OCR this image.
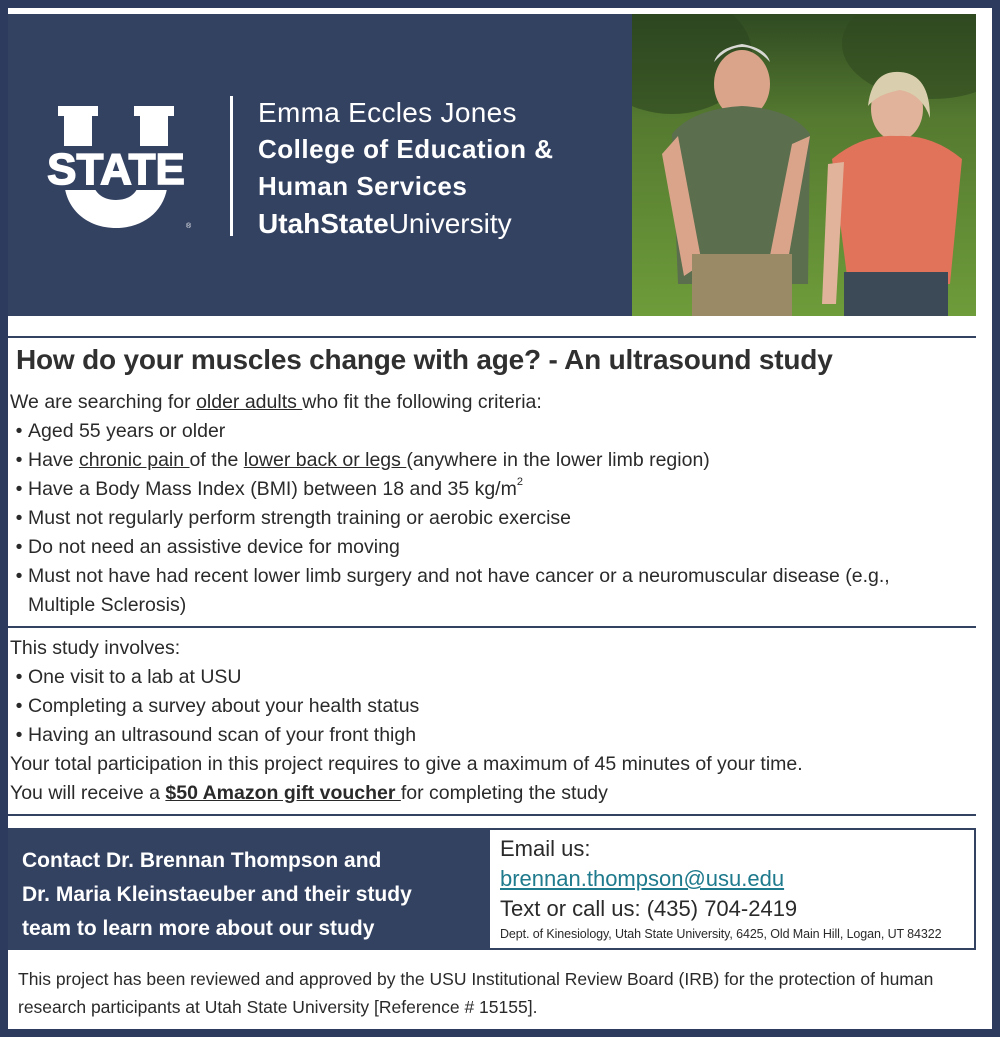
STATE
®
Emma Eccles Jones
College of Education &
Human Services
UtahStateUniversity
How do your muscles change with age? - An ultrasound study
We are searching for older adults who fit the following criteria:
• Aged 55 years or older
• Have chronic pain of the lower back or legs (anywhere in the lower limb region)
• Have a Body Mass Index (BMI) between 18 and 35 $kg/m^2$
• Must not regularly perform strength training or aerobic exercise
• Do not need an assistive device for moving
• Must not have had recent lower limb surgery and not have cancer or a neuromuscular disease (e.g.,
Multiple Sclerosis)
This study involves:
• One visit to a lab at USU
• Completing a survey about your health status
• Having an ultrasound scan of your front thigh
Your total participation in this project requires to give a maximum of 45 minutes of your time.
You will receive a $50 Amazon gift voucher for completing the study
Contact Dr. Brennan Thompson and
Dr. Maria Kleinstaeuber and their study
team to learn more about our study
Email us:
brennan.thompson@usu.edu
Text or call us: (435) 704-2419
Dept. of Kinesiology, Utah State University, 6425, Old Main Hill, Logan, UT 84322
This project has been reviewed and approved by the USU Institutional Review Board (IRB) for the protection of human
research participants at Utah State University [Reference # 15155].
